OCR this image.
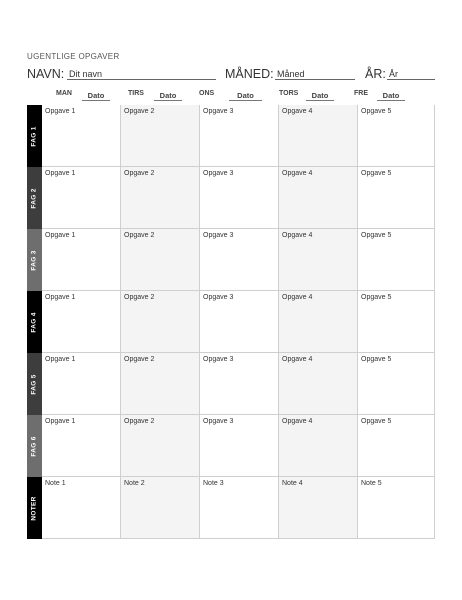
UGENTLIGE OPGAVER
NAVN: Dit navn	MÅNED: Måned	ÅR: År
MAN	Dato	TIRS	Dato	ONS	Dato	TORS	Dato	FRE	Dato
FAG 1
Opgave 1	Opgave 2	Opgave 3	Opgave 4	Opgave 5
FAG 2
Opgave 1	Opgave 2	Opgave 3	Opgave 4	Opgave 5
FAG 3
Opgave 1	Opgave 2	Opgave 3	Opgave 4	Opgave 5
FAG 4
Opgave 1	Opgave 2	Opgave 3	Opgave 4	Opgave 5
FAG 5
Opgave 1	Opgave 2	Opgave 3	Opgave 4	Opgave 5
FAG 6
Opgave 1	Opgave 2	Opgave 3	Opgave 4	Opgave 5
NOTER
Note 1	Note 2	Note 3	Note 4	Note 5
